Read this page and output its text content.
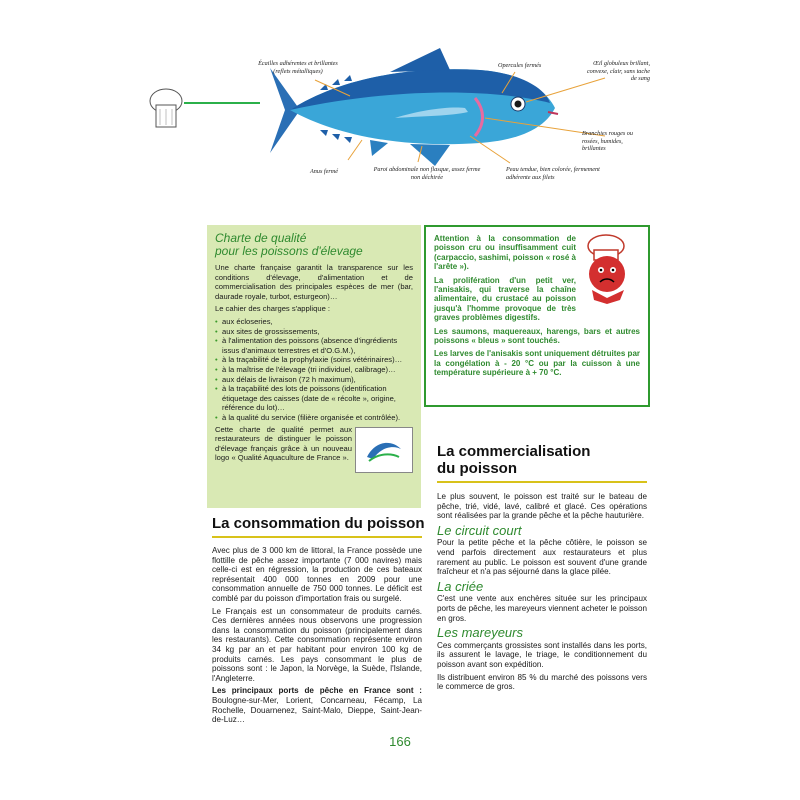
Écailles adhérentes et brillantes (reflets métalliques)
Opercules fermés	Œil globuleux brillant, convexe, clair, sans tache de sang
Branchies rouges ou rosées, humides, brillantes
Anus fermé	Paroi abdominale non flasque, assez ferme non déchirée
Peau tendue, bien colorée, fermement adhérente aux filets
Charte de qualité
pour les poissons d'élevage

Une charte française garantit la transparence sur les conditions d'élevage, d'alimentation et de commercialisation des principales espèces de mer (bar, daurade royale, turbot, esturgeon)…

Le cahier des charges s'applique :

• aux écloseries,
• aux sites de grossissements,
• à l'alimentation des poissons (absence d'ingrédients issus d'animaux terrestres et d'O.G.M.),
• à la traçabilité de la prophylaxie (soins vétérinaires)…
• à la maîtrise de l'élevage (tri individuel, calibrage)…
• aux délais de livraison (72 h maximum),
• à la traçabilité des lots de poissons (identification étiquetage des caisses (date de « récolte », origine, référence du lot)…
• à la qualité du service (filière organisée et contrôlée).

Cette charte de qualité permet aux restaurateurs de distinguer le poisson d'élevage français grâce à un nouveau logo « Qualité Aquaculture de France ».

Attention à la consommation de poisson cru ou insuffisamment cuit (carpaccio, sashimi, poisson « rosé à l'arête »).

La prolifération d'un petit ver, l'anisakis, qui traverse la chaîne alimentaire, du crustacé au poisson jusqu'à l'homme provoque de très graves problèmes digestifs.

Les saumons, maquereaux, harengs, bars et autres poissons « bleus » sont touchés.

Les larves de l'anisakis sont uniquement détruites par la congélation à - 20 °C ou par la cuisson à une température supérieure à + 70 °C.

La consommation du poisson

Avec plus de 3 000 km de littoral, la France possède une flottille de pêche assez importante (7 000 navires) mais celle-ci est en régression, la production de ces bateaux représentait 400 000 tonnes en 2009 pour une consommation annuelle de 750 000 tonnes. Le déficit est comblé par du poisson d'importation frais ou surgelé.

Le Français est un consommateur de produits carnés. Ces dernières années nous observons une progression dans la consommation du poisson (principalement dans les restaurants). Cette consommation représente environ 34 kg par an et par habitant pour environ 100 kg de produits carnés. Les pays consommant le plus de poissons sont : le Japon, la Norvège, la Suède, l'Islande, l'Angleterre.

Les principaux ports de pêche en France sont : Boulogne-sur-Mer, Lorient, Concarneau, Fécamp, La Rochelle, Douarnenez, Saint-Malo, Dieppe, Saint-Jean-de-Luz…

La commercialisation
du poisson

Le plus souvent, le poisson est traité sur le bateau de pêche, trié, vidé, lavé, calibré et glacé. Ces opérations sont réalisées par la grande pêche et la pêche hauturière.

Le circuit court

Pour la petite pêche et la pêche côtière, le poisson se vend parfois directement aux restaurateurs et plus rarement au public. Le poisson est souvent d'une grande fraîcheur et n'a pas séjourné dans la glace pilée.

La criée

C'est une vente aux enchères située sur les principaux ports de pêche, les mareyeurs viennent acheter le poisson en gros.

Les mareyeurs

Ces commerçants grossistes sont installés dans les ports, ils assurent le lavage, le triage, le conditionnement du poisson avant son expédition.

Ils distribuent environ 85 % du marché des poissons vers le commerce de gros.

166
